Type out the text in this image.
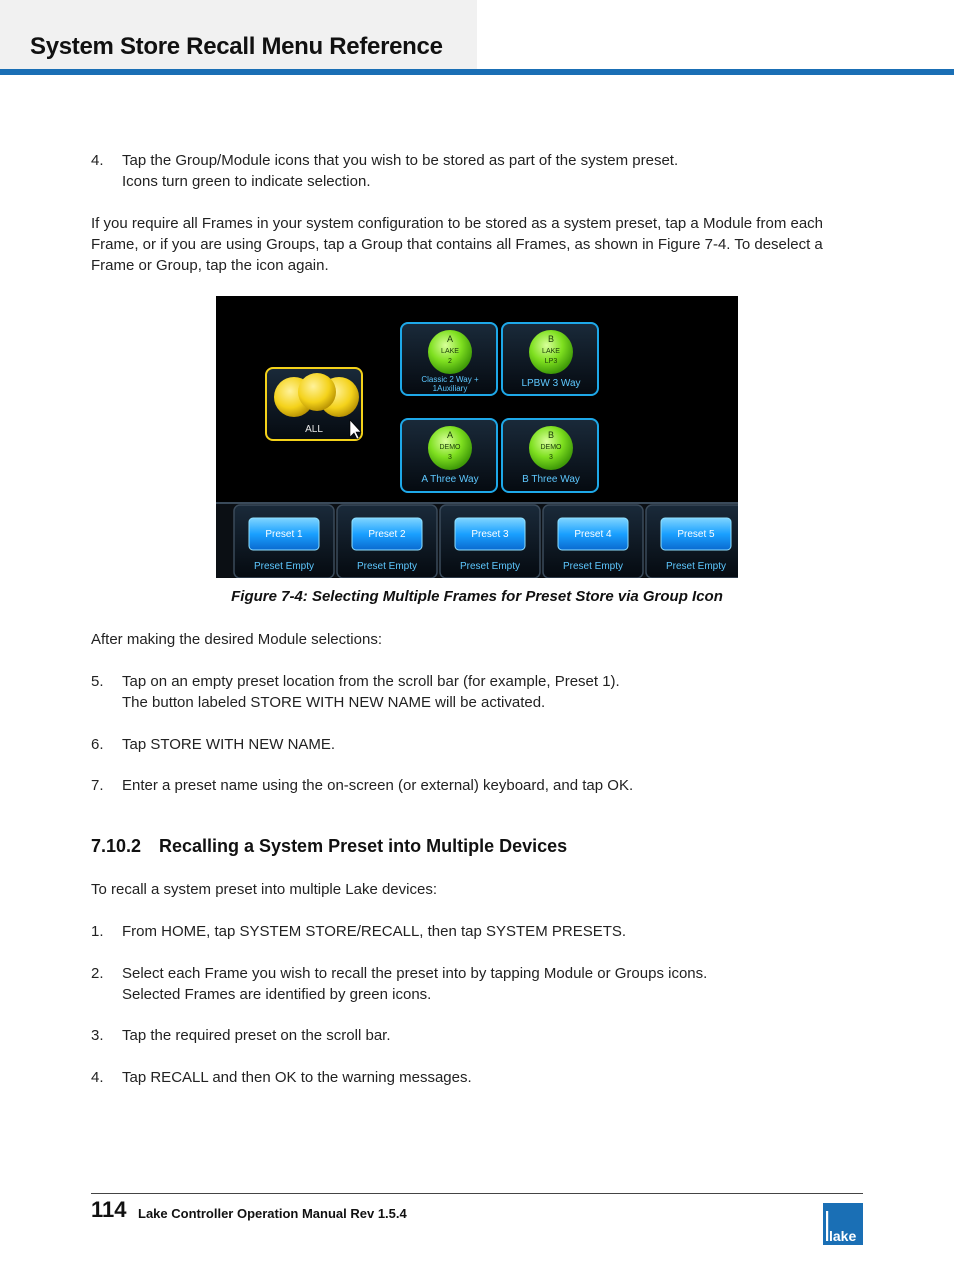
System Store Recall Menu Reference
4. Tap the Group/Module icons that you wish to be stored as part of the system preset.
Icons turn green to indicate selection.

If you require all Frames in your system configuration to be stored as a system preset, tap a Module from each Frame, or if you are using Groups, tap a Group that contains all Frames, as shown in Figure 7-4. To deselect a Frame or Group, tap the icon again.

ALL
A
LAKE
2
Classic 2 Way +
1Auxiliary
B
LAKE
LP3
LPBW 3 Way
A
DEMO
3
A Three Way
B
DEMO
3
B Three Way
Preset 1
Preset Empty
Preset 2
Preset Empty
Preset 3
Preset Empty
Preset 4
Preset Empty
Preset 5
Preset Empty
Figure 7-4: Selecting Multiple Frames for Preset Store via Group Icon

After making the desired Module selections:

5. Tap on an empty preset location from the scroll bar (for example, Preset 1).
The button labeled STORE WITH NEW NAME will be activated.
6. Tap STORE WITH NEW NAME.
7. Enter a preset name using the on-screen (or external) keyboard, and tap OK.
7.10.2 Recalling a System Preset into Multiple Devices

To recall a system preset into multiple Lake devices:

1. From HOME, tap SYSTEM STORE/RECALL, then tap SYSTEM PRESETS.
2. Select each Frame you wish to recall the preset into by tapping Module or Groups icons.
Selected Frames are identified by green icons.
3. Tap the required preset on the scroll bar.
4. Tap RECALL and then OK to the warning messages.
114 Lake Controller Operation Manual Rev 1.5.4
lake
